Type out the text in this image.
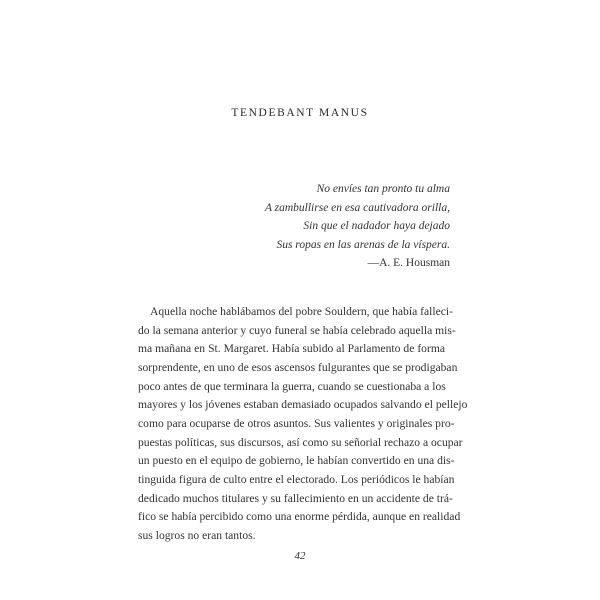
TENDEBANT MANUS
No envíes tan pronto tu alma
A zambullirse en esa cautivadora orilla,
Sin que el nadador haya dejado
Sus ropas en las arenas de la víspera.
—A. E. Housman
Aquella noche hablábamos del pobre Souldern, que había falleci-
do la semana anterior y cuyo funeral se había celebrado aquella mis-
ma mañana en St. Margaret. Había subido al Parlamento de forma
sorprendente, en uno de esos ascensos fulgurantes que se prodigaban
poco antes de que terminara la guerra, cuando se cuestionaba a los
mayores y los jóvenes estaban demasiado ocupados salvando el pellejo
como para ocuparse de otros asuntos. Sus valientes y originales pro-
puestas políticas, sus discursos, así como su señorial rechazo a ocupar
un puesto en el equipo de gobierno, le habían convertido en una dis-
tinguida figura de culto entre el electorado. Los periódicos le habían
dedicado muchos titulares y su fallecimiento en un accidente de trá-
fico se había percibido como una enorme pérdida, aunque en realidad
sus logros no eran tantos.
42
